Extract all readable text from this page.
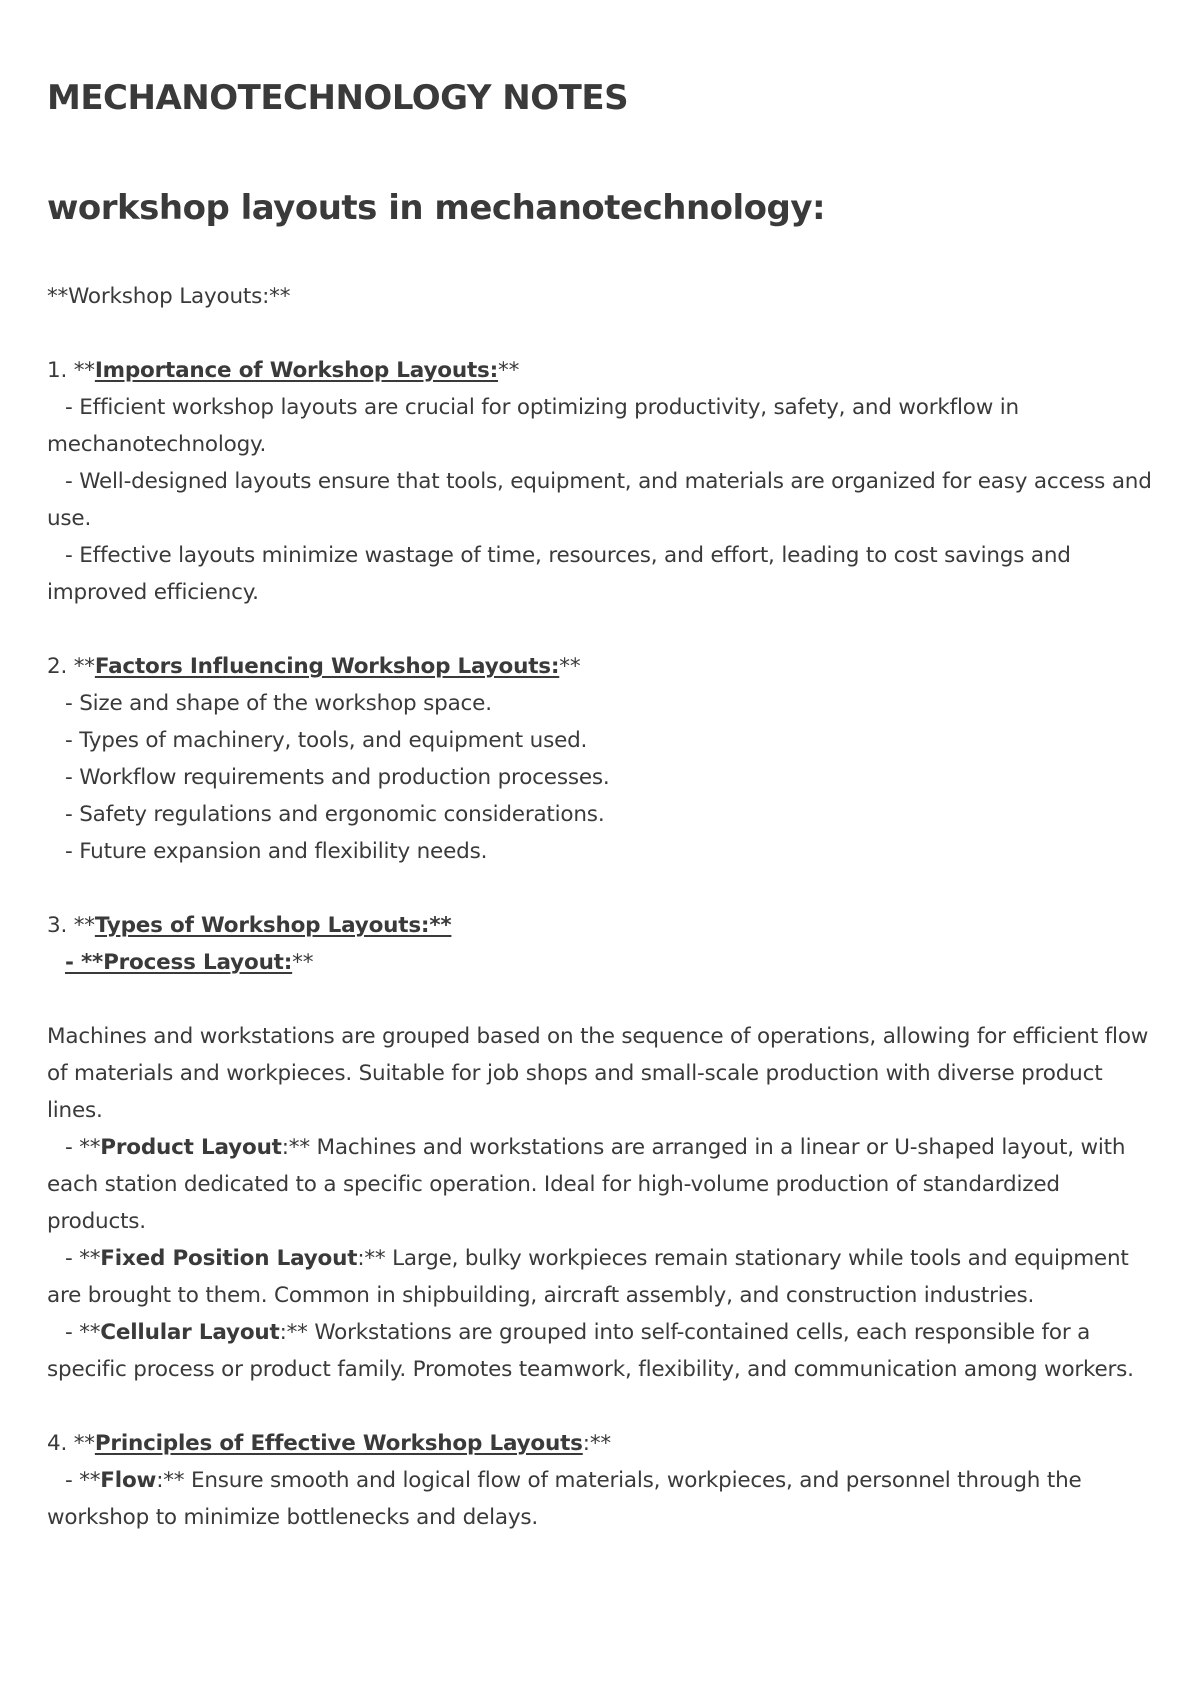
MECHANOTECHNOLOGY NOTES
workshop layouts in mechanotechnology:

**Workshop Layouts:**

1. **Importance of Workshop Layouts:**

- Efficient workshop layouts are crucial for optimizing productivity, safety, and workflow in mechanotechnology.

- Well-designed layouts ensure that tools, equipment, and materials are organized for easy access and use.

- Effective layouts minimize wastage of time, resources, and effort, leading to cost savings and improved efficiency.

2. **Factors Influencing Workshop Layouts:**

- Size and shape of the workshop space.

- Types of machinery, tools, and equipment used.

- Workflow requirements and production processes.

- Safety regulations and ergonomic considerations.

- Future expansion and flexibility needs.

3. **Types of Workshop Layouts:**

- **Process Layout:**

Machines and workstations are grouped based on the sequence of operations, allowing for efficient flow of materials and workpieces. Suitable for job shops and small-scale production with diverse product lines.

- **Product Layout:** Machines and workstations are arranged in a linear or U-shaped layout, with each station dedicated to a specific operation. Ideal for high-volume production of standardized products.

- **Fixed Position Layout:** Large, bulky workpieces remain stationary while tools and equipment are brought to them. Common in shipbuilding, aircraft assembly, and construction industries.

- **Cellular Layout:** Workstations are grouped into self-contained cells, each responsible for a specific process or product family. Promotes teamwork, flexibility, and communication among workers.

4. **Principles of Effective Workshop Layouts:**

- **Flow:** Ensure smooth and logical flow of materials, workpieces, and personnel through the workshop to minimize bottlenecks and delays.
